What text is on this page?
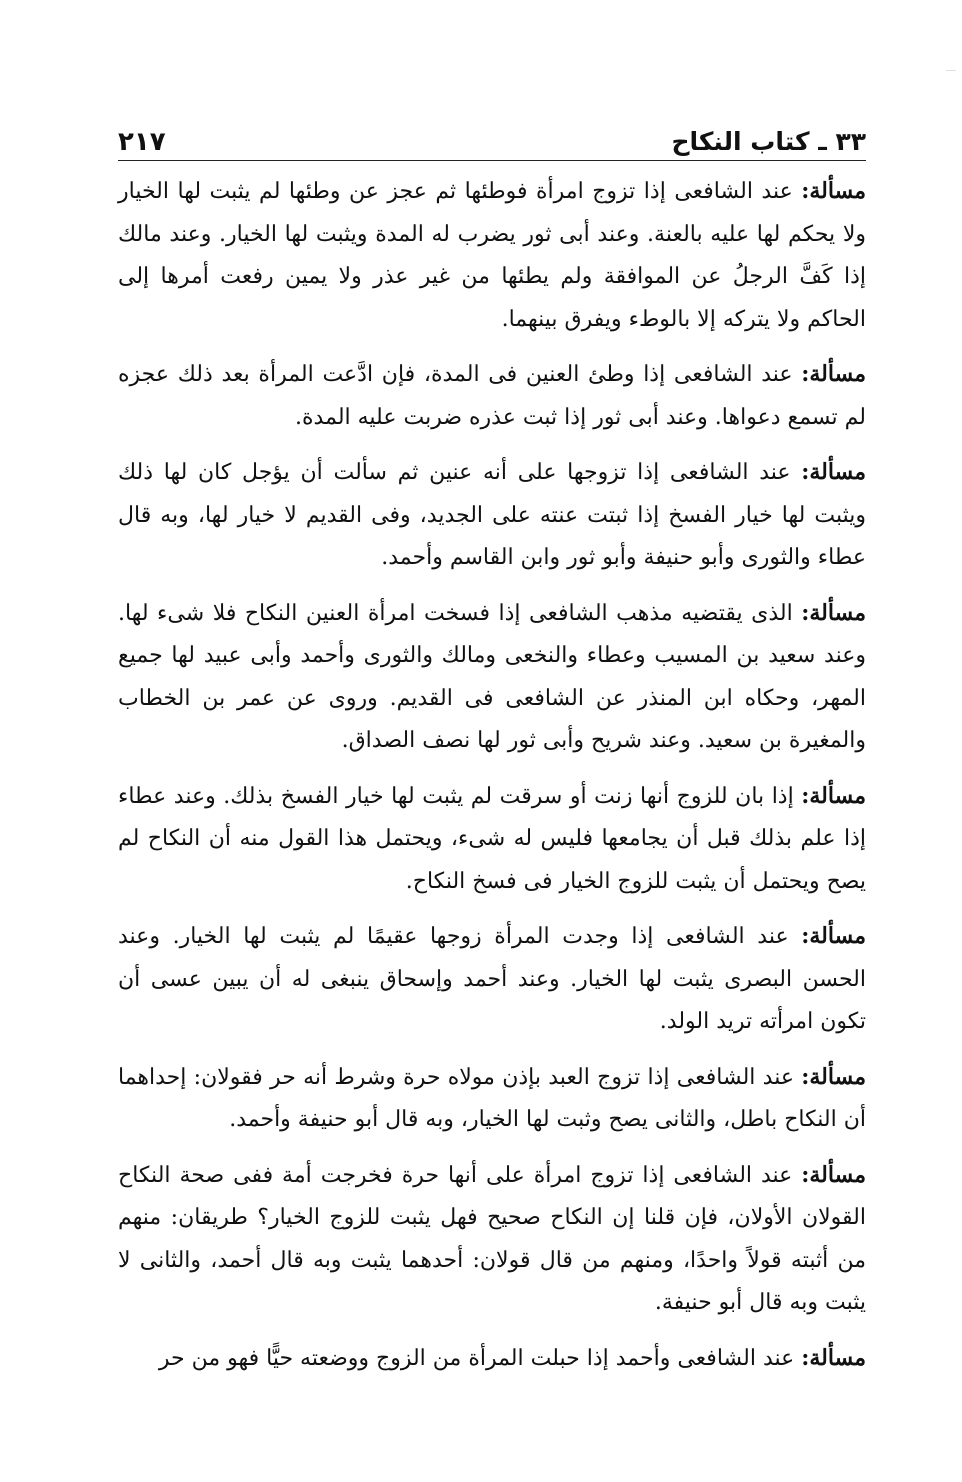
٣٣ ـ كتاب النكاح
٢١٧

مسألة: عند الشافعى إذا تزوج امرأة فوطئها ثم عجز عن وطئها لم يثبت لها الخيار ولا يحكم لها عليه بالعنة. وعند أبى ثور يضرب له المدة ويثبت لها الخيار. وعند مالك إذا كَفَّ الرجلُ عن الموافقة ولم يطئها من غير عذر ولا يمين رفعت أمرها إلى الحاكم ولا يتركه إلا بالوطء ويفرق بينهما.

مسألة: عند الشافعى إذا وطئ العنين فى المدة، فإن ادَّعت المرأة بعد ذلك عجزه لم تسمع دعواها. وعند أبى ثور إذا ثبت عذره ضربت عليه المدة.

مسألة: عند الشافعى إذا تزوجها على أنه عنين ثم سألت أن يؤجل كان لها ذلك ويثبت لها خيار الفسخ إذا ثبتت عنته على الجديد، وفى القديم لا خيار لها، وبه قال عطاء والثورى وأبو حنيفة وأبو ثور وابن القاسم وأحمد.

مسألة: الذى يقتضيه مذهب الشافعى إذا فسخت امرأة العنين النكاح فلا شىء لها. وعند سعيد بن المسيب وعطاء والنخعى ومالك والثورى وأحمد وأبى عبيد لها جميع المهر، وحكاه ابن المنذر عن الشافعى فى القديم. وروى عن عمر بن الخطاب والمغيرة بن سعيد. وعند شريح وأبى ثور لها نصف الصداق.

مسألة: إذا بان للزوج أنها زنت أو سرقت لم يثبت لها خيار الفسخ بذلك. وعند عطاء إذا علم بذلك قبل أن يجامعها فليس له شىء، ويحتمل هذا القول منه أن النكاح لم يصح ويحتمل أن يثبت للزوج الخيار فى فسخ النكاح.

مسألة: عند الشافعى إذا وجدت المرأة زوجها عقيمًا لم يثبت لها الخيار. وعند الحسن البصرى يثبت لها الخيار. وعند أحمد وإسحاق ينبغى له أن يبين عسى أن تكون امرأته تريد الولد.

مسألة: عند الشافعى إذا تزوج العبد بإذن مولاه حرة وشرط أنه حر فقولان: إحداهما أن النكاح باطل، والثانى يصح وثبت لها الخيار، وبه قال أبو حنيفة وأحمد.

مسألة: عند الشافعى إذا تزوج امرأة على أنها حرة فخرجت أمة ففى صحة النكاح القولان الأولان، فإن قلنا إن النكاح صحيح فهل يثبت للزوج الخيار؟ طريقان: منهم من أثبته قولاً واحدًا، ومنهم من قال قولان: أحدهما يثبت وبه قال أحمد، والثانى لا يثبت وبه قال أبو حنيفة.

مسألة: عند الشافعى وأحمد إذا حبلت المرأة من الزوج ووضعته حيًّا فهو من حر
